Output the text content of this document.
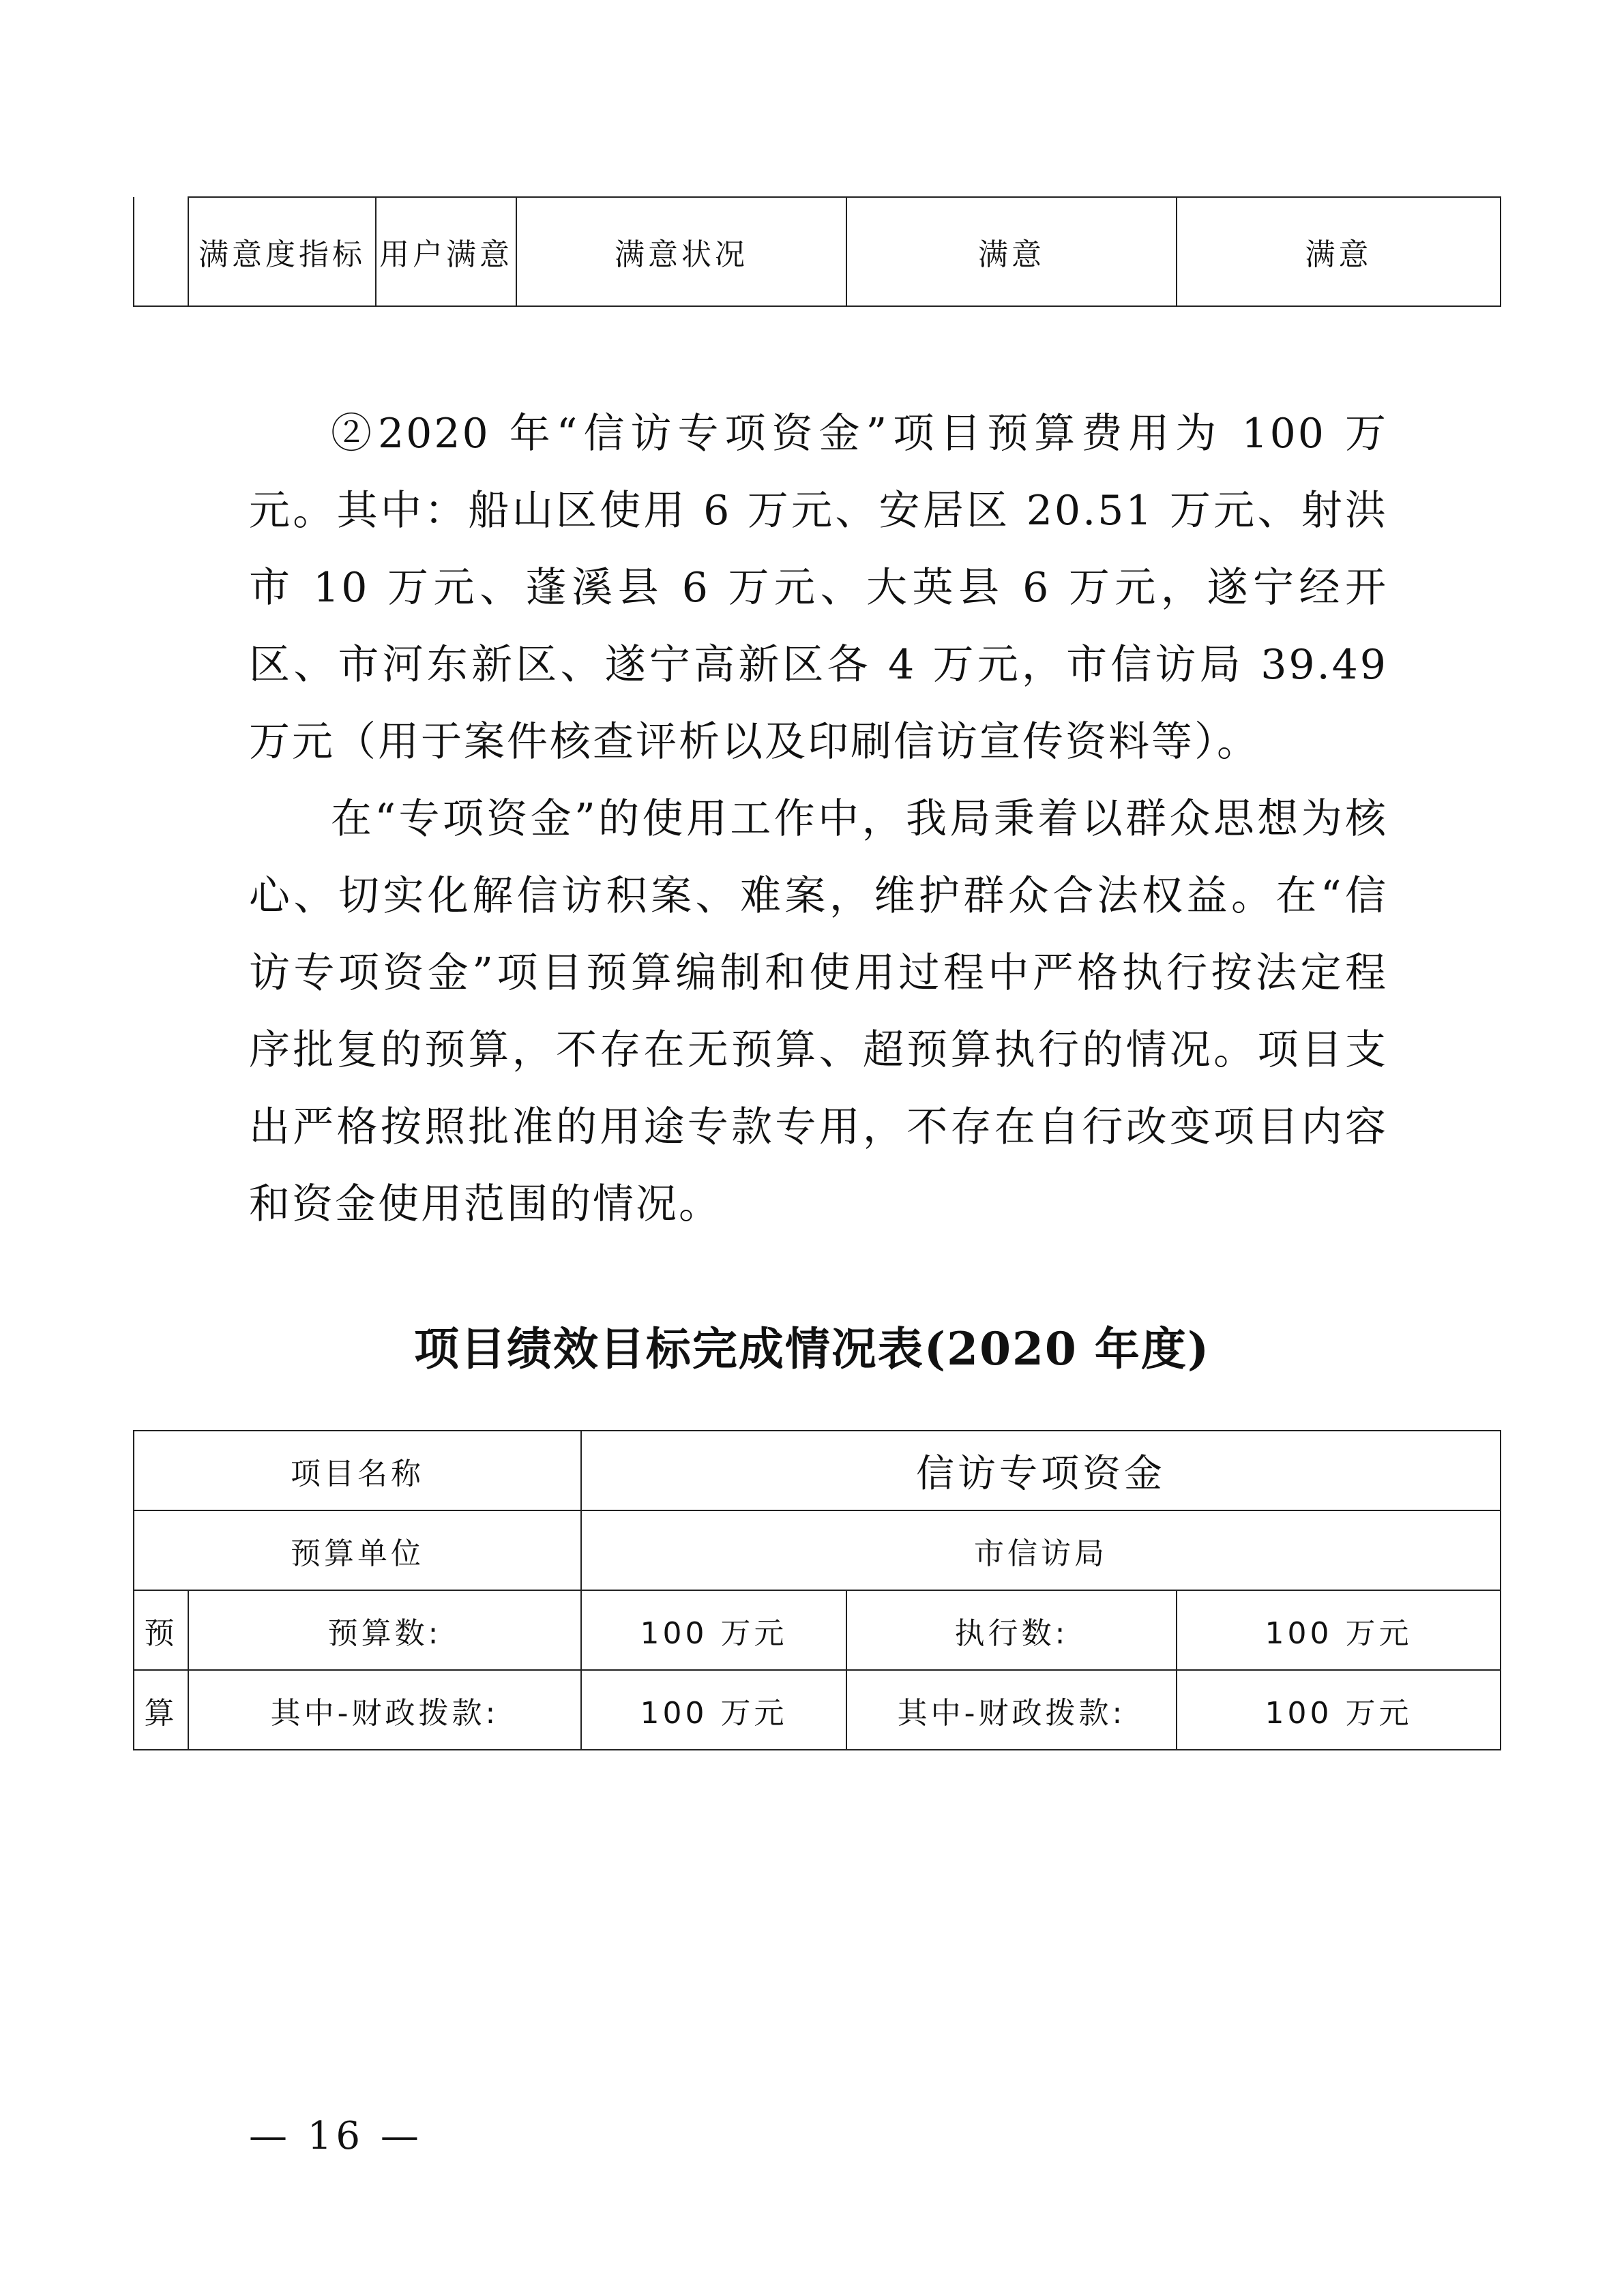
	满意度指标	用户满意	满意状况	满意	满意

②2020 年“信访专项资金”项目预算费用为 100 万元。其中：船山区使用 6 万元、安居区 20.51 万元、射洪市 10 万元、蓬溪县 6 万元、大英县 6 万元，遂宁经开区、市河东新区、遂宁高新区各 4 万元，市信访局 39.49 万元（用于案件核查评析以及印刷信访宣传资料等）。

在“专项资金”的使用工作中，我局秉着以群众思想为核心、切实化解信访积案、难案，维护群众合法权益。在“信访专项资金”项目预算编制和使用过程中严格执行按法定程序批复的预算，不存在无预算、超预算执行的情况。项目支出严格按照批准的用途专款专用，不存在自行改变项目内容和资金使用范围的情况。

项目绩效目标完成情况表(2020 年度)
项目名称		信访专项资金		
预算单位		市信访局		
预	预算数:	100 万元	执行数:	100 万元
算	其中-财政拨款:	100 万元	其中-财政拨款:	100 万元
— 16 —
